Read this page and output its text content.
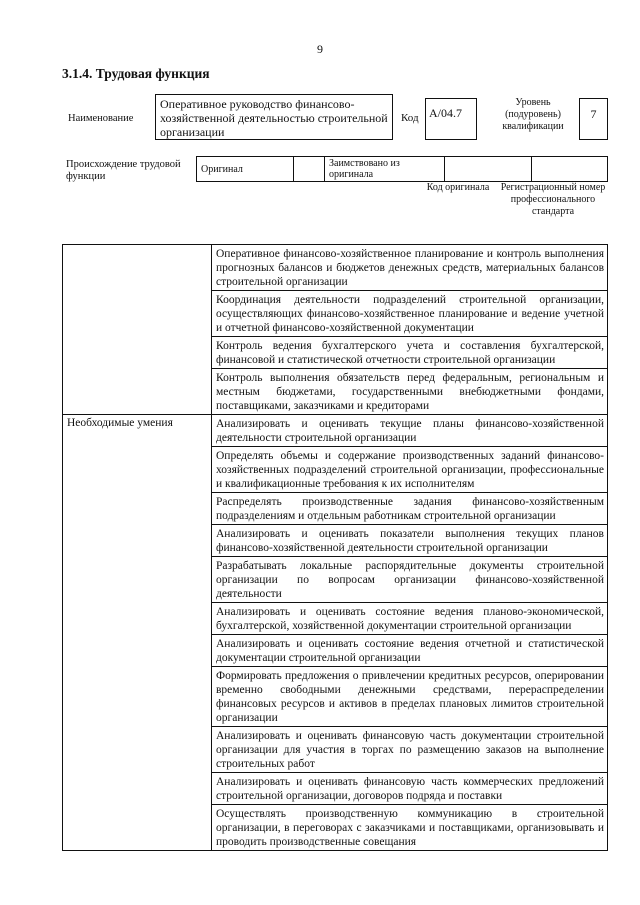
9
3.1.4. Трудовая функция
Наименование
Оперативное руководство финансово-хозяйственной деятельностью строительной организации
Код А/04.7
Уровень (подуровень) квалификации
7
Происхождение трудовой функции
Оригинал		Заимствовано из оригинала		
Код оригинала	Регистрационный номер профессионального стандарта
	Оперативное финансово-хозяйственное планирование и контроль выполнения прогнозных балансов и бюджетов денежных средств, материальных балансов строительной организации
	Координация деятельности подразделений строительной организации, осуществляющих финансово-хозяйственное планирование и ведение учетной и отчетной финансово-хозяйственной документации
	Контроль ведения бухгалтерского учета и составления бухгалтерской, финансовой и статистической отчетности строительной организации
	Контроль выполнения обязательств перед федеральным, региональным и местным бюджетами, государственными внебюджетными фондами, поставщиками, заказчиками и кредиторами
Необходимые умения	Анализировать и оценивать текущие планы финансово-хозяйственной деятельности строительной организации
	Определять объемы и содержание производственных заданий финансово-хозяйственных подразделений строительной организации, профессиональные и квалификационные требования к их исполнителям
	Распределять производственные задания финансово-хозяйственным подразделениям и отдельным работникам строительной организации
	Анализировать и оценивать показатели выполнения текущих планов финансово-хозяйственной деятельности строительной организации
	Разрабатывать локальные распорядительные документы строительной организации по вопросам организации финансово-хозяйственной деятельности
	Анализировать и оценивать состояние ведения планово-экономической, бухгалтерской, хозяйственной документации строительной организации
	Анализировать и оценивать состояние ведения отчетной и статистической документации строительной организации
	Формировать предложения о привлечении кредитных ресурсов, оперировании временно свободными денежными средствами, перераспределении финансовых ресурсов и активов в пределах плановых лимитов строительной организации
	Анализировать и оценивать финансовую часть документации строительной организации для участия в торгах по размещению заказов на выполнение строительных работ
	Анализировать и оценивать финансовую часть коммерческих предложений строительной организации, договоров подряда и поставки
	Осуществлять производственную коммуникацию в строительной организации, в переговорах с заказчиками и поставщиками, организовывать и проводить производственные совещания
